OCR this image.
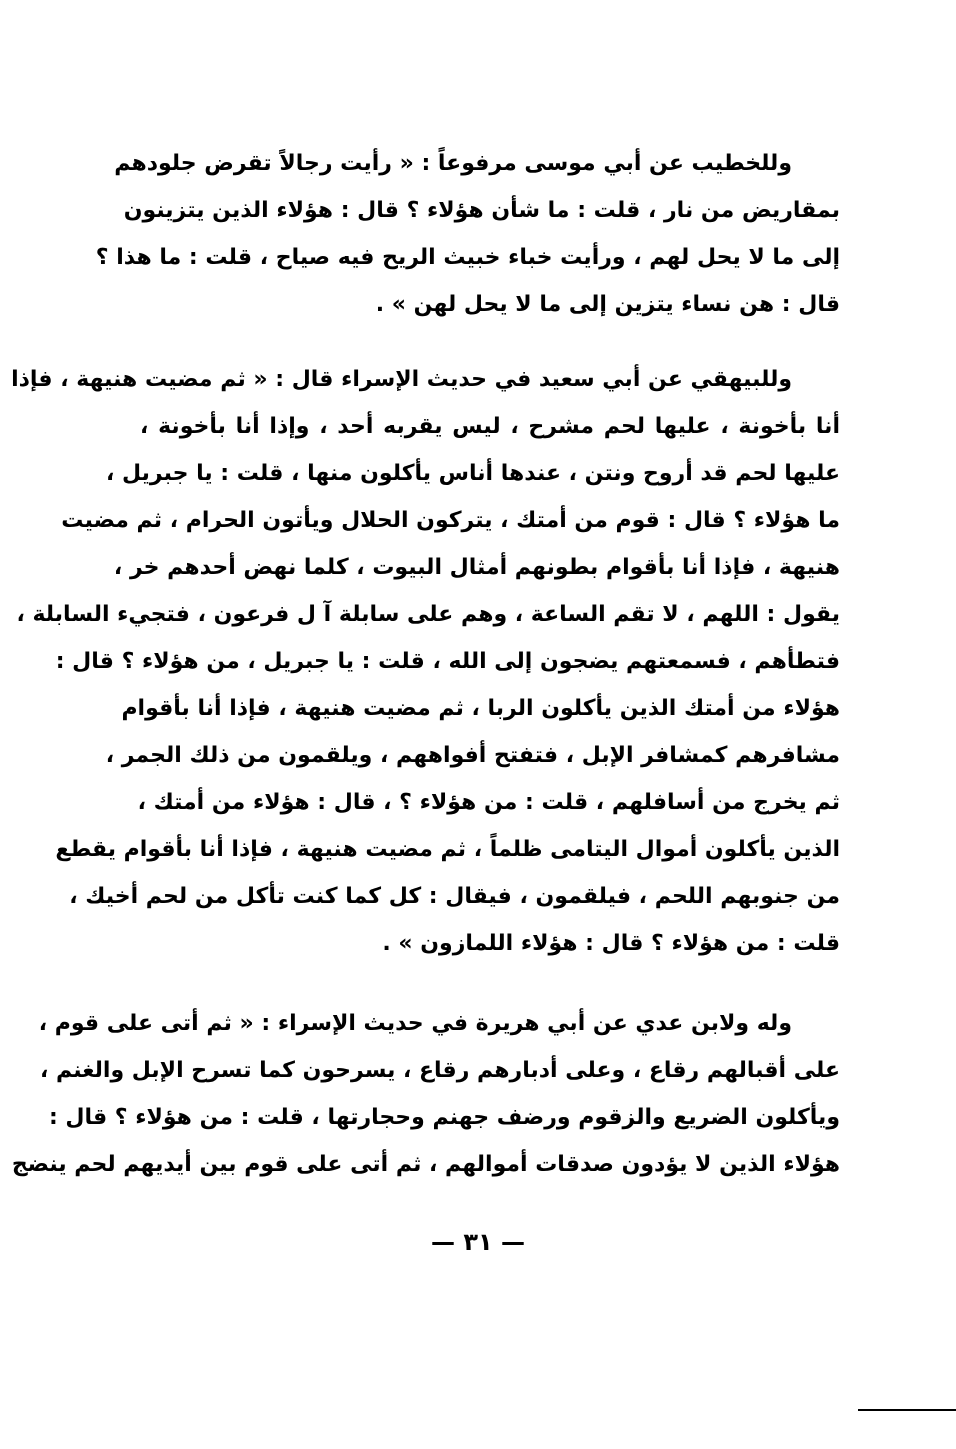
وللخطيب عن أبي موسى مرفوعاً : « رأيت رجالاً تقرض جلودهم
بمقاريض من نار ، قلت : ما شأن هؤلاء ؟ قال : هؤلاء الذين يتزينون
إلى ما لا يحل لهم ، ورأيت خباء خبيث الريح فيه صياح ، قلت : ما هذا ؟
قال : هن نساء يتزين إلى ما لا يحل لهن » .
وللبيهقي عن أبي سعيد في حديث الإسراء قال : « ثم مضيت هنيهة ، فإذا
أنا بأخونة ، عليها لحم مشرح ، ليس يقربه أحد ، وإذا أنا بأخونة ،
عليها لحم قد أروح ونتن ، عندها أناس يأكلون منها ، قلت : يا جبريل ،
ما هؤلاء ؟ قال : قوم من أمتك ، يتركون الحلال ويأتون الحرام ، ثم مضيت
هنيهة ، فإذا أنا بأقوام بطونهم أمثال البيوت ، كلما نهض أحدهم خر ،
يقول : اللهم ، لا تقم الساعة ، وهم على سابلة آ ل فرعون ، فتجيء السابلة ،
فتطأهم ، فسمعتهم يضجون إلى الله ، قلت : يا جبريل ، من هؤلاء ؟ قال :
هؤلاء من أمتك الذين يأكلون الربا ، ثم مضيت هنيهة ، فإذا أنا بأقوام
مشافرهم كمشافر الإبل ، فتفتح أفواههم ، ويلقمون من ذلك الجمر ،
ثم يخرج من أسافلهم ، قلت : من هؤلاء ؟ ، قال : هؤلاء من أمتك ،
الذين يأكلون أموال اليتامى ظلماً ، ثم مضيت هنيهة ، فإذا أنا بأقوام يقطع
من جنوبهم اللحم ، فيلقمون ، فيقال : كل كما كنت تأكل من لحم أخيك ،
قلت : من هؤلاء ؟ قال : هؤلاء اللمازون » .
وله ولابن عدي عن أبي هريرة في حديث الإسراء : « ثم أتى على قوم ،
على أقبالهم رقاع ، وعلى أدبارهم رقاع ، يسرحون كما تسرح الإبل والغنم ،
ويأكلون الضريع والزقوم ورضف جهنم وحجارتها ، قلت : من هؤلاء ؟ قال :
هؤلاء الذين لا يؤدون صدقات أموالهم ، ثم أتى على قوم بين أيديهم لحم ينضج
— ٣١ —
